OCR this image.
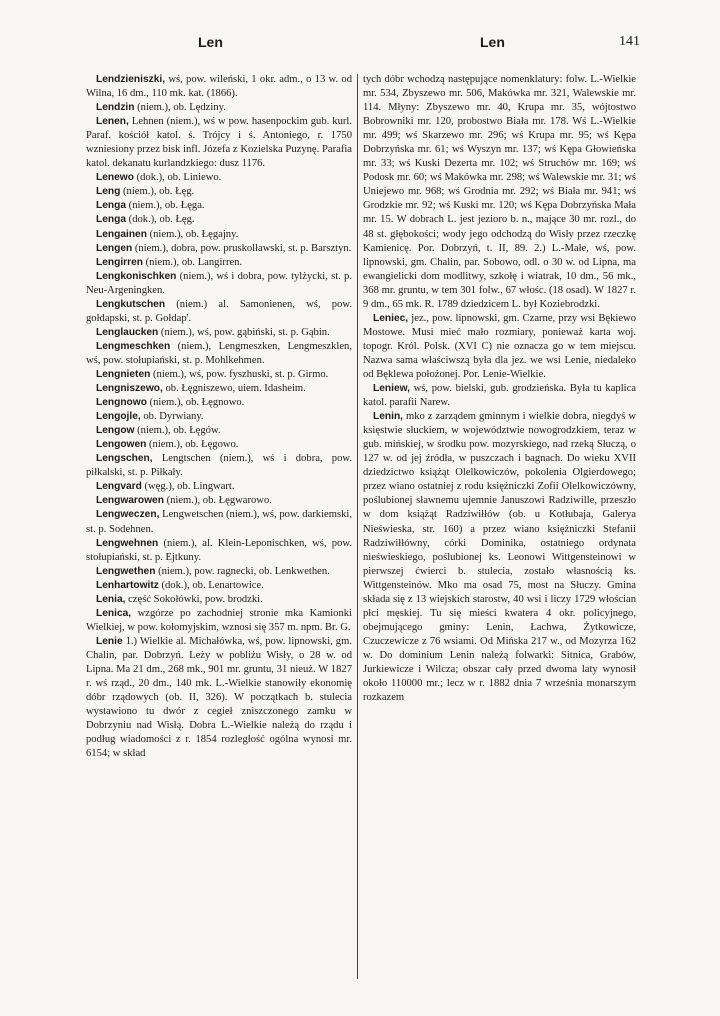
Len	Len	141

Lendzieniszki, wś, pow. wileński, 1 okr. adm., o 13 w. od Wilna, 16 dm., 110 mk. kat. (1866).

Lendzin (niem.), ob. Lędziny.

Lenen, Lehnen (niem.), wś w pow. hasenpockim gub. kurl. Paraf. kościół katol. ś. Trójcy i ś. Antoniego, r. 1750 wzniesiony przez bisk infl. Józefa z Kozielska Puzynę. Parafia katol. dekanatu kurlandzkiego: dusz 1176.

Lenewo (dok.), ob. Liniewo.

Leng (niem.), ob. Łęg.

Lenga (niem.), ob. Łęga.

Lenga (dok.), ob. Łęg.

Lengainen (niem.), ob. Łęgajny.

Lengen (niem.), dobra, pow. pruskolławski, st. p. Barsztyn.

Lengirren (niem.), ob. Langirren.

Lengkonischken (niem.), wś i dobra, pow. tylżycki, st. p. Neu-Argeningken.

Lengkutschen (niem.) al. Samonienen, wś, pow. gołdapski, st. p. Gołdap'.

Lenglaucken (niem.), wś, pow. gąbiński, st. p. Gąbin.

Lengmeschken (niem.), Lengmeszken, Lengmeszklen, wś, pow. stołupiański, st. p. Mohlkehmen.

Lengnieten (niem.), wś, pow. fyszhuski, st. p. Girmo.

Lengniszewo, ob. Łęgniszewo, uiem. Idasheim.

Lengnowo (niem.), ob. Łęgnowo.

Lengojle, ob. Dyrwiany.

Lengow (niem.), ob. Łęgów.

Lengowen (niem.), ob. Łęgowo.

Lengschen, Lengtschen (niem.), wś i dobra, pow. piłkalski, st. p. Piłkały.

Lengvard (węg.), ob. Lingwart.

Lengwarowen (niem.), ob. Łęgwarowo.

Lengweczen, Lengwetschen (niem.), wś, pow. darkiemski, st. p. Sodehnen.

Lengwehnen (niem.), al. Klein-Leponischken, wś, pow. stołupiański, st. p. Ejtkuny.

Lengwethen (niem.), pow. ragnecki, ob. Lenkwethen.

Lenhartowitz (dok.), ob. Lenartowice.

Lenia, część Sokołówki, pow. brodzki.

Lenica, wzgórze po zachodniej stronie mka Kamionki Wielkiej, w pow. kołomyjskim, wznosi się 357 m. npm. Br. G.

Lenie 1.) Wielkie al. Michałówka, wś, pow. lipnowski, gm. Chalin, par. Dobrzyń. Leży w pobliżu Wisły, o 28 w. od Lipna. Ma 21 dm., 268 mk., 901 mr. gruntu, 31 nieuż. W 1827 r. wś rząd., 20 dm., 140 mk. L.-Wielkie stanowiły ekonomię dóbr rządowych (ob. II, 326). W początkach b. stulecia wystawiono tu dwór z cegieł zniszczonego zamku w Dobrzyniu nad Wisłą. Dobra L.-Wielkie należą do rządu i podług wiadomości z r. 1854 rozległość ogólna wynosi mr. 6154; w skład

tych dóbr wchodzą następujące nomenklatury: folw. L.-Wielkie mr. 534, Zbyszewo mr. 506, Makówka mr. 321, Walewskie mr. 114. Młyny: Zbyszewo mr. 40, Krupa mr. 35, wójtostwo Bobrowniki mr. 120, probostwo Biała mr. 178. Wś L.-Wielkie mr. 499; wś Skarzewo mr. 296; wś Krupa mr. 95; wś Kępa Dobrzyńska mr. 61; wś Wyszyn mr. 137; wś Kępa Głowieńska mr. 33; wś Kuski Dezerta mr. 102; wś Struchów mr. 169; wś Podosk mr. 60; wś Makówka mr. 298; wś Walewskie mr. 31; wś Uniejewo mr. 968; wś Grodnia mr. 292; wś Biała mr. 941; wś Grodzkie mr. 92; wś Kuski mr. 120; wś Kępa Dobrzyńska Mała mr. 15. W dobrach L. jest jezioro b. n., mające 30 mr. rozl., do 48 st. głębokości; wody jego odchodzą do Wisły przez rzeczkę Kamienicę. Por. Dobrzyń, t. II, 89. 2.) L.-Małe, wś, pow. lipnowski, gm. Chalin, par. Sobowo, odl. o 30 w. od Lipna, ma ewangielicki dom modlitwy, szkołę i wiatrak, 10 dm., 56 mk., 368 mr. gruntu, w tem 301 folw., 67 włośc. (18 osad). W 1827 r. 9 dm., 65 mk. R. 1789 dziedzicem L. był Koziebrodzki.

Leniec, jez., pow. lipnowski, gm. Czarne, przy wsi Bękiewo Mostowe. Musi mieć mało rozmiary, ponieważ karta woj. topogr. Król. Polsk. (XVI C) nie oznacza go w tem miejscu. Nazwa sama właściwszą była dla jez. we wsi Lenie, niedaleko od Bęklewa położonej. Por. Lenie-Wielkie.

Leniew, wś, pow. bielski, gub. grodzieńska. Była tu kaplica katol. parafii Narew.

Lenin, mko z zarządem gminnym i wielkie dobra, niegdyś w księstwie słuckiem, w województwie nowogrodzkiem, teraz w gub. mińskiej, w środku pow. mozyrskiego, nad rzeką Słuczą, o 127 w. od jej źródła, w puszczach i bagnach. Do wieku XVII dziedzictwo książąt Olelkowiczów, pokolenia Olgierdowego; przez wiano ostatniej z rodu księżniczki Zofii Olelkowiczówny, poślubionej sławnemu ujemnie Januszowi Radziwille, przeszło w dom książąt Radziwiłłów (ob. u Kotłubaja, Galerya Nieświeska, str. 160) a przez wiano księżniczki Stefanii Radziwiłłówny, córki Dominika, ostatniego ordynata nieświeskiego, poślubionej ks. Leonowi Wittgensteinowi w pierwszej ćwierci b. stulecia, zostało własnością ks. Wittgensteinów. Mko ma osad 75, most na Słuczy. Gmina składa się z 13 wiejskich starostw, 40 wsi i liczy 1729 włościan płci męskiej. Tu się mieści kwatera 4 okr. policyjnego, obejmującego gminy: Lenin, Łachwa, Żytkowicze, Czuczewicze z 76 wsiami. Od Mińska 217 w., od Mozyrza 162 w. Do dominium Lenin należą folwarki: Sitnica, Grabów, Jurkiewicze i Wilcza; obszar cały przed dwoma laty wynosił około 110000 mr.; lecz w r. 1882 dnia 7 września monarszym rozkazem
